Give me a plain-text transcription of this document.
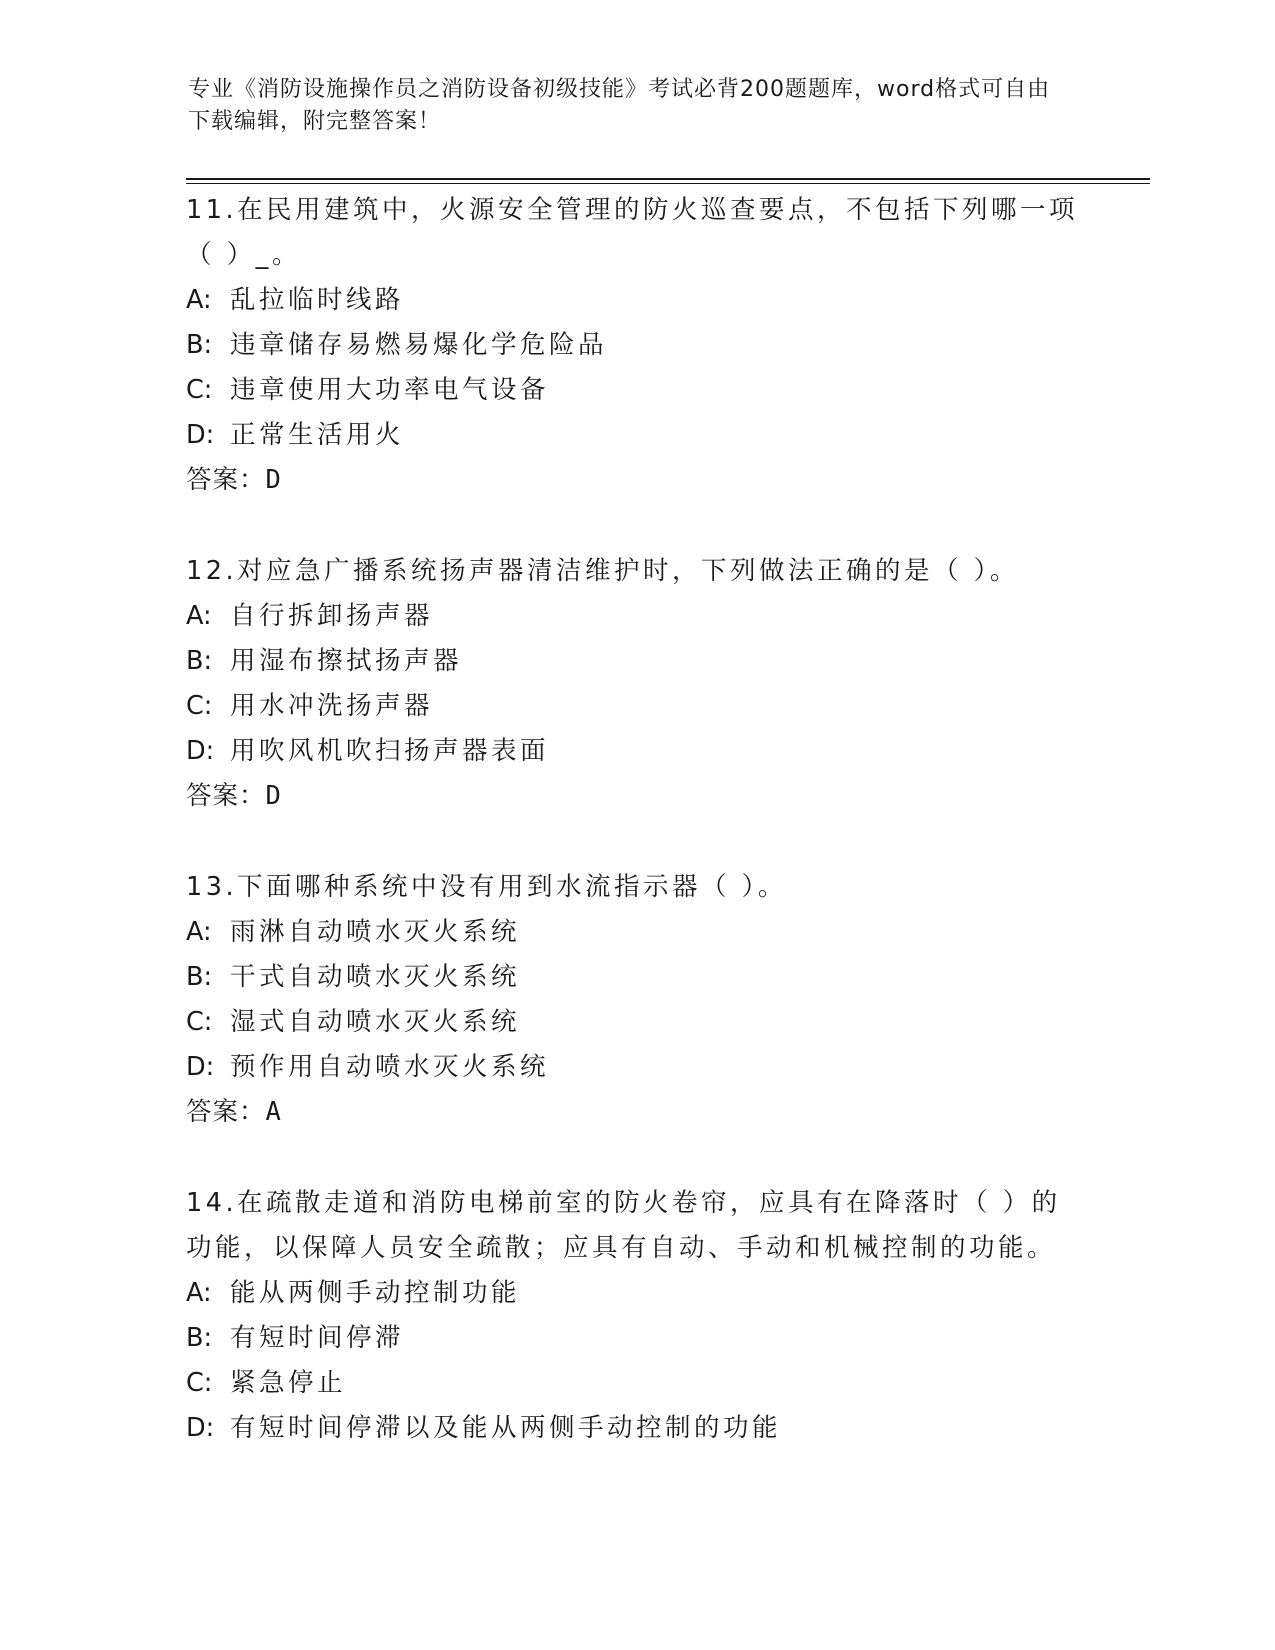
专业《消防设施操作员之消防设备初级技能》考试必背200题题库，word格式可自由下载编辑，附完整答案！

11.在民用建筑中，火源安全管理的防火巡查要点，不包括下列哪一项（ ）_。

A: 乱拉临时线路

B: 违章储存易燃易爆化学危险品

C: 违章使用大功率电气设备

D: 正常生活用火

答案：D

12.对应急广播系统扬声器清洁维护时，下列做法正确的是（ ）。

A: 自行拆卸扬声器

B: 用湿布擦拭扬声器

C: 用水冲洗扬声器

D: 用吹风机吹扫扬声器表面

答案：D

13.下面哪种系统中没有用到水流指示器（ ）。

A: 雨淋自动喷水灭火系统

B: 干式自动喷水灭火系统

C: 湿式自动喷水灭火系统

D: 预作用自动喷水灭火系统

答案：A

14.在疏散走道和消防电梯前室的防火卷帘，应具有在降落时（ ）的功能，以保障人员安全疏散；应具有自动、手动和机械控制的功能。

A: 能从两侧手动控制功能

B: 有短时间停滞

C: 紧急停止

D: 有短时间停滞以及能从两侧手动控制的功能
